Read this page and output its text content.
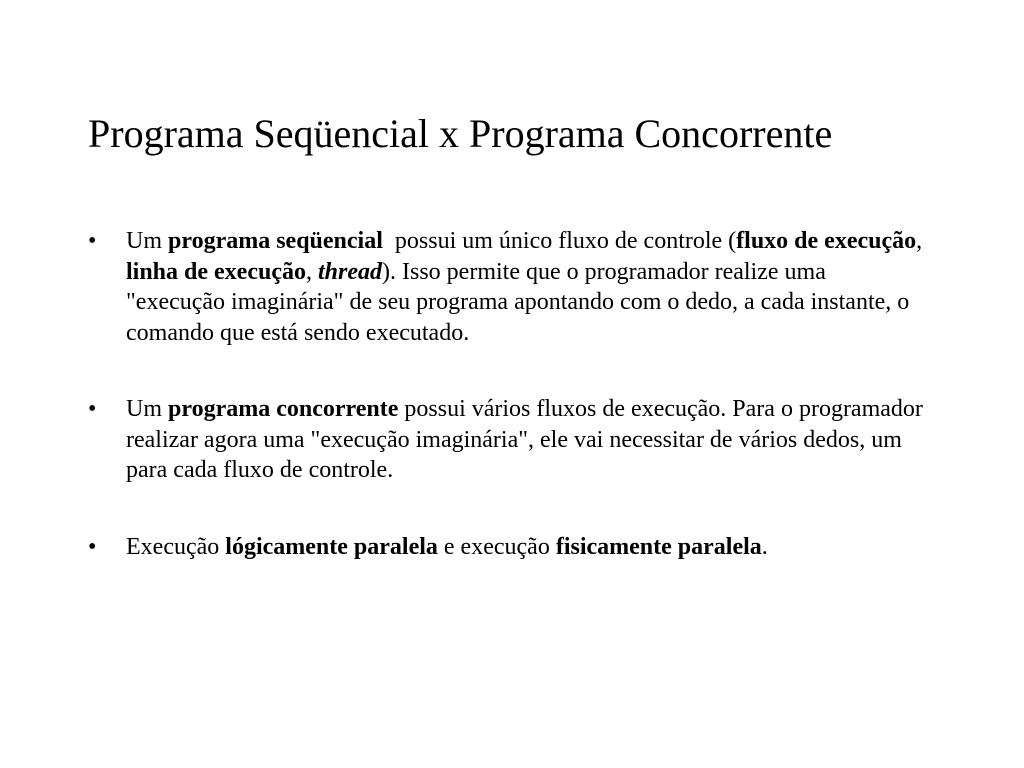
Programa Seqüencial x Programa Concorrente
• Um programa seqüencial  possui um único fluxo de controle (fluxo de execução, linha de execução, thread). Isso permite que o programador realize uma "execução imaginária" de seu programa apontando com o dedo, a cada instante, o comando que está sendo executado.
• Um programa concorrente possui vários fluxos de execução. Para o programador realizar agora uma "execução imaginária", ele vai necessitar de vários dedos, um para cada fluxo de controle.
• Execução lógicamente paralela e execução fisicamente paralela.
